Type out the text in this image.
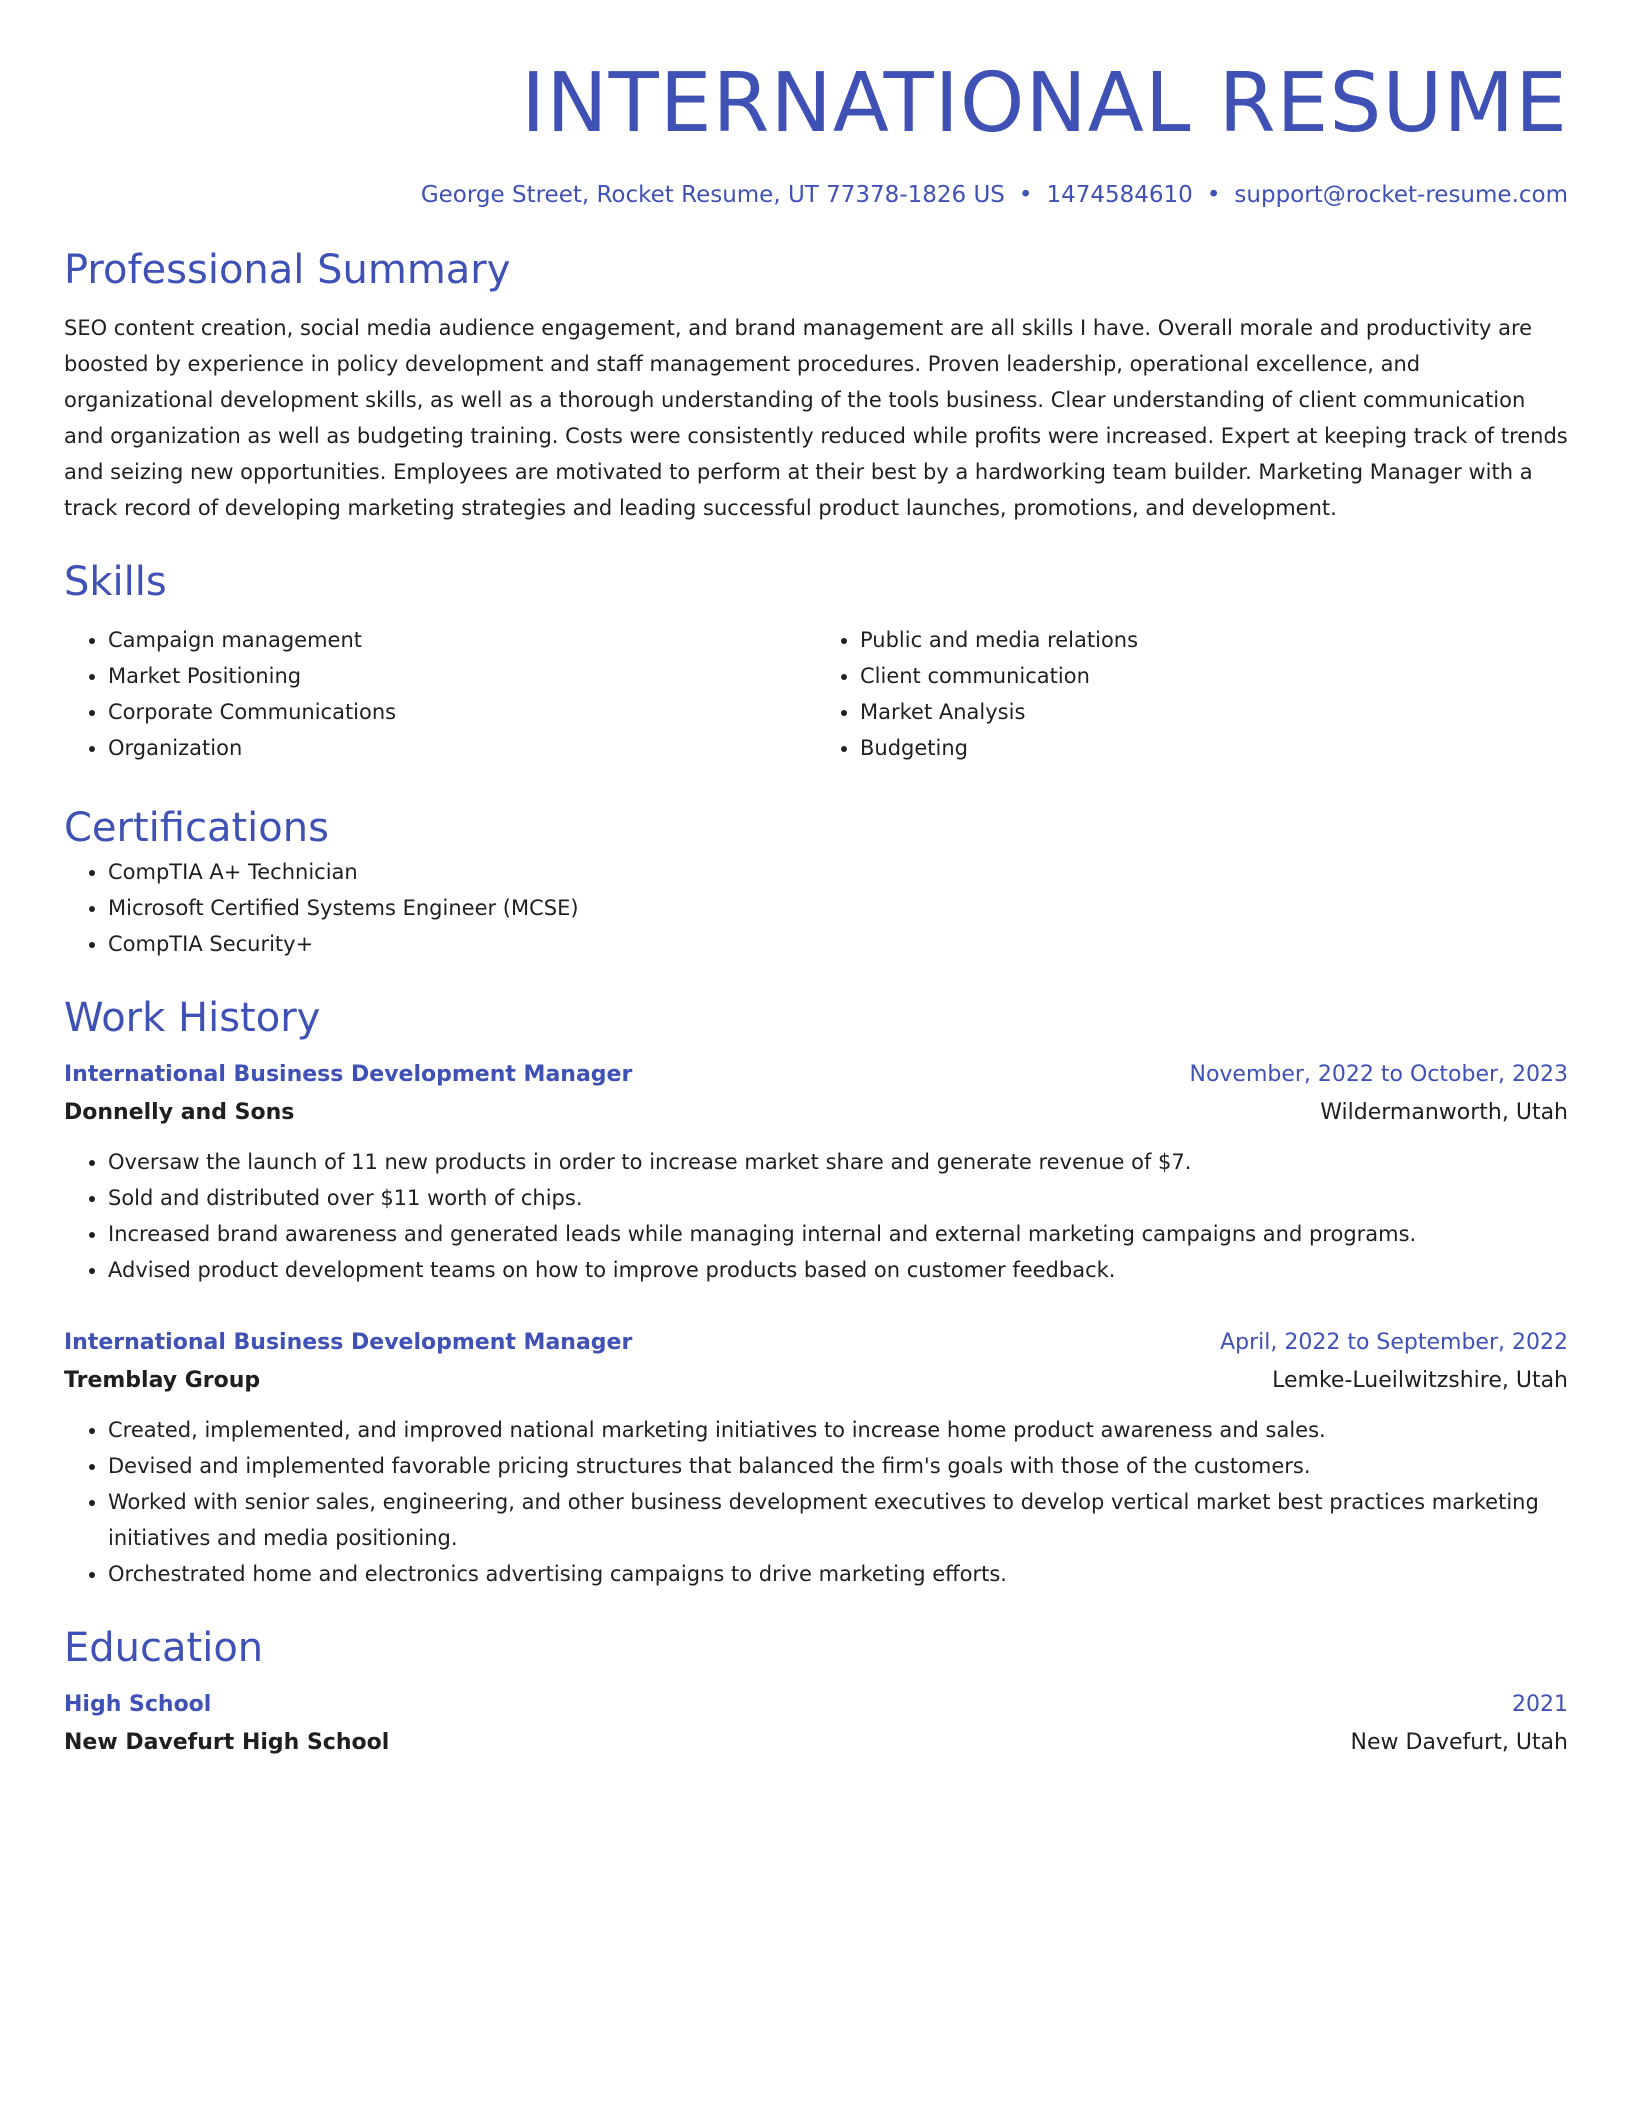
INTERNATIONAL RESUME
George Street, Rocket Resume, UT 77378-1826 US • 1474584610 • support@rocket-resume.com
Professional Summary

SEO content creation, social media audience engagement, and brand management are all skills I have. Overall morale and productivity are boosted by experience in policy development and staff management procedures. Proven leadership, operational excellence, and organizational development skills, as well as a thorough understanding of the tools business. Clear understanding of client communication and organization as well as budgeting training. Costs were consistently reduced while profits were increased. Expert at keeping track of trends and seizing new opportunities. Employees are motivated to perform at their best by a hardworking team builder. Marketing Manager with a track record of developing marketing strategies and leading successful product launches, promotions, and development.

Skills
• Campaign management
• Market Positioning
• Corporate Communications
• Organization
• Public and media relations
• Client communication
• Market Analysis
• Budgeting
Certifications
• CompTIA A+ Technician
• Microsoft Certified Systems Engineer (MCSE)
• CompTIA Security+
Work History
International Business Development Manager	November, 2022 to October, 2023
Donnelly and Sons	Wildermanworth, Utah
• Oversaw the launch of 11 new products in order to increase market share and generate revenue of $7.
• Sold and distributed over $11 worth of chips.
• Increased brand awareness and generated leads while managing internal and external marketing campaigns and programs.
• Advised product development teams on how to improve products based on customer feedback.
International Business Development Manager	April, 2022 to September, 2022
Tremblay Group	Lemke-Lueilwitzshire, Utah
• Created, implemented, and improved national marketing initiatives to increase home product awareness and sales.
• Devised and implemented favorable pricing structures that balanced the firm's goals with those of the customers.
• Worked with senior sales, engineering, and other business development executives to develop vertical market best practices marketing initiatives and media positioning.
• Orchestrated home and electronics advertising campaigns to drive marketing efforts.
Education
High School	2021
New Davefurt High School	New Davefurt, Utah
